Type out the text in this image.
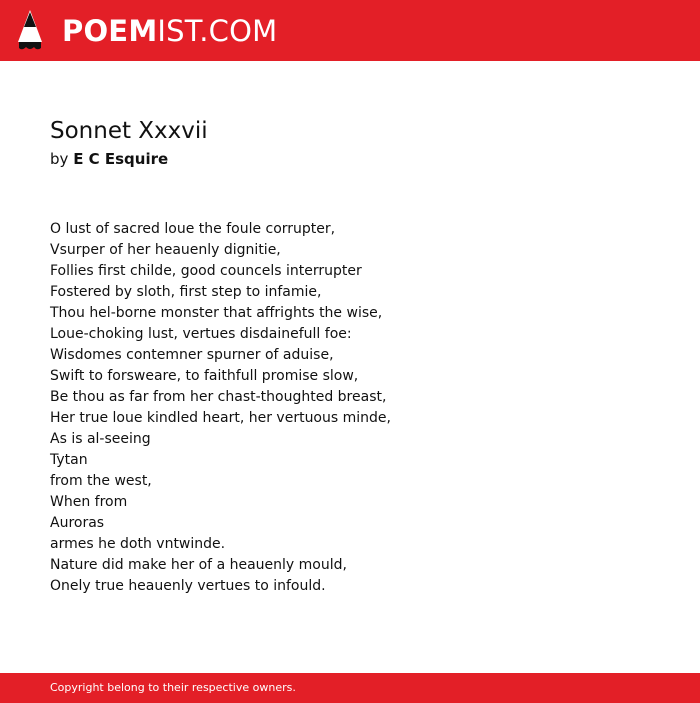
POEMIST.COM
Sonnet Xxxvii
by E C Esquire
O lust of sacred loue the foule corrupter,
Vsurper of her heauenly dignitie,
Follies first childe, good councels interrupter
Fostered by sloth, first step to infamie,
Thou hel-borne monster that affrights the wise,
Loue-choking lust, vertues disdainefull foe:
Wisdomes contemner spurner of aduise,
Swift to forsweare, to faithfull promise slow,
Be thou as far from her chast-thoughted breast,
Her true loue kindled heart, her vertuous minde,
As is al-seeing
Tytan
from the west,
When from
Auroras
armes he doth vntwinde.
Nature did make her of a heauenly mould,
Onely true heauenly vertues to infould.
Copyright belong to their respective owners.
